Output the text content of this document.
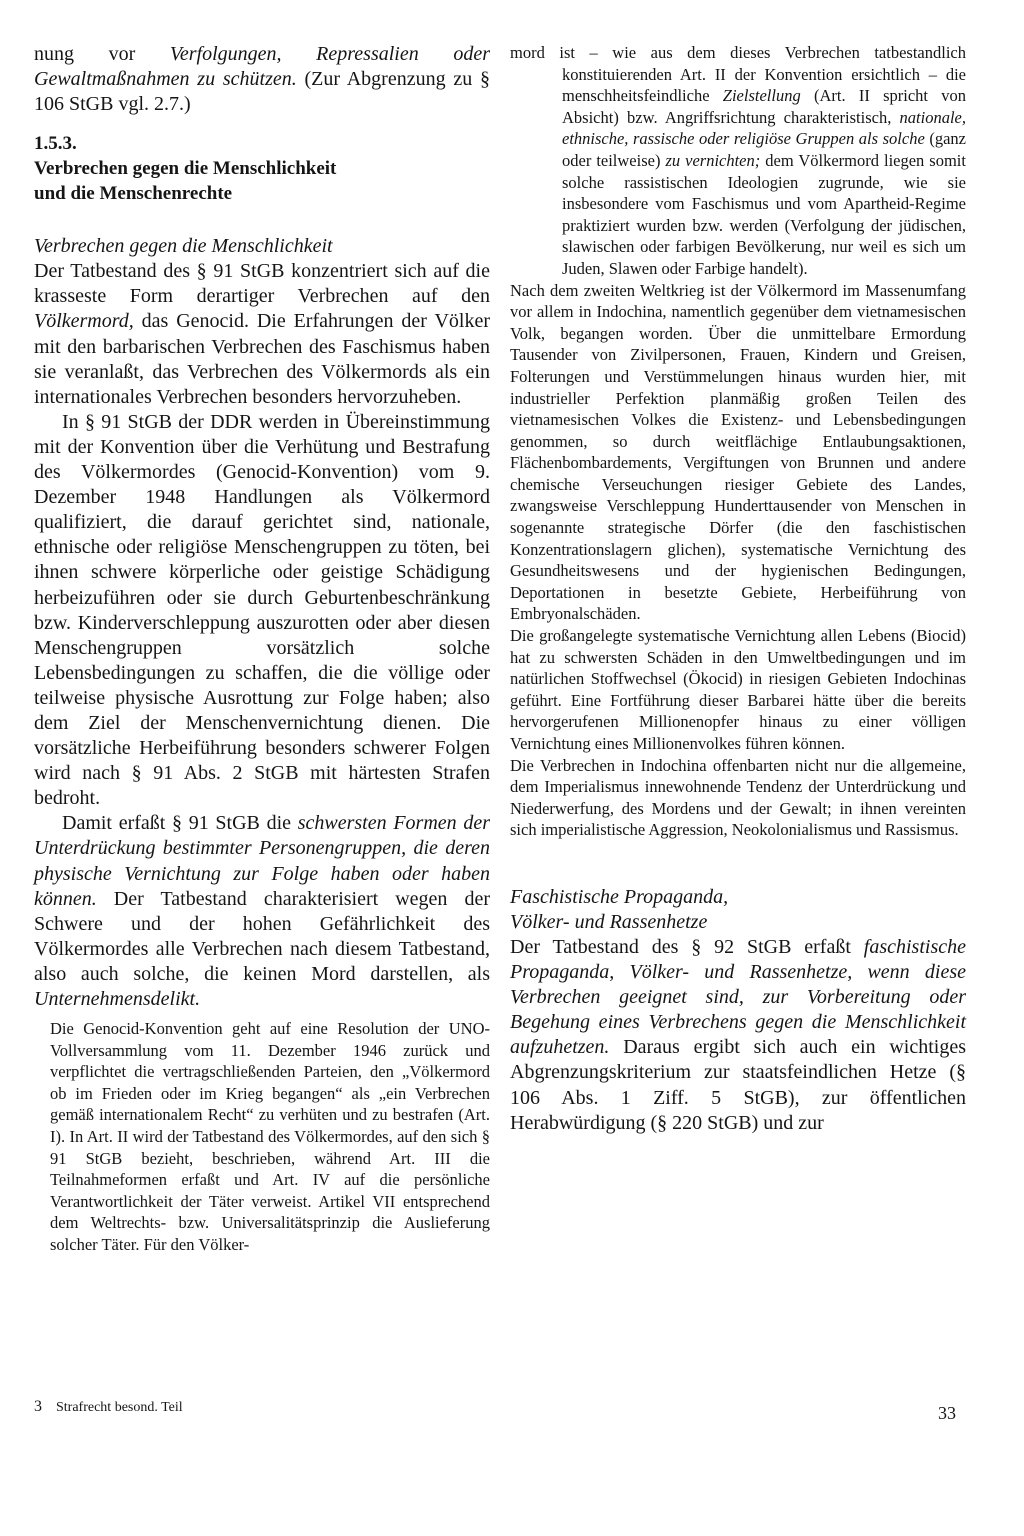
nung vor Verfolgungen, Repressalien oder Gewaltmaßnahmen zu schützen. (Zur Abgrenzung zu § 106 StGB vgl. 2.7.)

1.5.3.
Verbrechen gegen die Menschlichkeit
und die Menschenrechte
Verbrechen gegen die Menschlichkeit

Der Tatbestand des § 91 StGB konzentriert sich auf die krasseste Form derartiger Verbrechen auf den Völkermord, das Genocid. Die Erfahrungen der Völker mit den barbarischen Verbrechen des Faschismus haben sie veranlaßt, das Verbrechen des Völkermords als ein internationales Verbrechen besonders hervorzuheben.

In § 91 StGB der DDR werden in Übereinstimmung mit der Konvention über die Verhütung und Bestrafung des Völkermordes (Genocid-Konvention) vom 9. Dezember 1948 Handlungen als Völkermord qualifiziert, die darauf gerichtet sind, nationale, ethnische oder religiöse Menschengruppen zu töten, bei ihnen schwere körperliche oder geistige Schädigung herbeizuführen oder sie durch Geburtenbeschränkung bzw. Kinderverschleppung auszurotten oder aber diesen Menschengruppen vorsätzlich solche Lebensbedingungen zu schaffen, die die völlige oder teilweise physische Ausrottung zur Folge haben; also dem Ziel der Menschenvernichtung dienen. Die vorsätzliche Herbeiführung besonders schwerer Folgen wird nach § 91 Abs. 2 StGB mit härtesten Strafen bedroht.

Damit erfaßt § 91 StGB die schwersten Formen der Unterdrückung bestimmter Personengruppen, die deren physische Vernichtung zur Folge haben oder haben können. Der Tatbestand charakterisiert wegen der Schwere und der hohen Gefährlichkeit des Völkermordes alle Verbrechen nach diesem Tatbestand, also auch solche, die keinen Mord darstellen, als Unternehmensdelikt.

Die Genocid-Konvention geht auf eine Resolution der UNO-Vollversammlung vom 11. Dezember 1946 zurück und verpflichtet die vertragschließenden Parteien, den „Völkermord ob im Frieden oder im Krieg begangen“ als „ein Verbrechen gemäß internationalem Recht“ zu verhüten und zu bestrafen (Art. I). In Art. II wird der Tatbestand des Völkermordes, auf den sich § 91 StGB bezieht, beschrieben, während Art. III die Teilnahmeformen erfaßt und Art. IV auf die persönliche Verantwortlichkeit der Täter verweist. Artikel VII entsprechend dem Weltrechts- bzw. Universalitätsprinzip die Auslieferung solcher Täter. Für den Völker-

mord ist – wie aus dem dieses Verbrechen tatbestandlich konstituierenden Art. II der Konvention ersichtlich – die menschheitsfeindliche Zielstellung (Art. II spricht von Absicht) bzw. Angriffsrichtung charakteristisch, nationale, ethnische, rassische oder religiöse Gruppen als solche (ganz oder teilweise) zu vernichten; dem Völkermord liegen somit solche rassistischen Ideologien zugrunde, wie sie insbesondere vom Faschismus und vom Apartheid-Regime praktiziert wurden bzw. werden (Verfolgung der jüdischen, slawischen oder farbigen Bevölkerung, nur weil es sich um Juden, Slawen oder Farbige handelt).

Nach dem zweiten Weltkrieg ist der Völkermord im Massenumfang vor allem in Indochina, namentlich gegenüber dem vietnamesischen Volk, begangen worden. Über die unmittelbare Ermordung Tausender von Zivilpersonen, Frauen, Kindern und Greisen, Folterungen und Verstümmelungen hinaus wurden hier, mit industrieller Perfektion planmäßig großen Teilen des vietnamesischen Volkes die Existenz- und Lebensbedingungen genommen, so durch weitflächige Entlaubungsaktionen, Flächenbombardements, Vergiftungen von Brunnen und andere chemische Verseuchungen riesiger Gebiete des Landes, zwangsweise Verschleppung Hunderttausender von Menschen in sogenannte strategische Dörfer (die den faschistischen Konzentrationslagern glichen), systematische Vernichtung des Gesundheitswesens und der hygienischen Bedingungen, Deportationen in besetzte Gebiete, Herbeiführung von Embryonalschäden.

Die großangelegte systematische Vernichtung allen Lebens (Biocid) hat zu schwersten Schäden in den Umweltbedingungen und im natürlichen Stoffwechsel (Ökocid) in riesigen Gebieten Indochinas geführt. Eine Fortführung dieser Barbarei hätte über die bereits hervorgerufenen Millionenopfer hinaus zu einer völligen Vernichtung eines Millionenvolkes führen können.

Die Verbrechen in Indochina offenbarten nicht nur die allgemeine, dem Imperialismus innewohnende Tendenz der Unterdrückung und Niederwerfung, des Mordens und der Gewalt; in ihnen vereinten sich imperialistische Aggression, Neokolonialismus und Rassismus.

Faschistische Propaganda,
Völker- und Rassenhetze

Der Tatbestand des § 92 StGB erfaßt faschistische Propaganda, Völker- und Rassenhetze, wenn diese Verbrechen geeignet sind, zur Vorbereitung oder Begehung eines Verbrechens gegen die Menschlichkeit aufzuhetzen. Daraus ergibt sich auch ein wichtiges Abgrenzungskriterium zur staatsfeindlichen Hetze (§ 106 Abs. 1 Ziff. 5 StGB), zur öffentlichen Herabwürdigung (§ 220 StGB) und zur

3 Strafrecht besond. Teil	33
